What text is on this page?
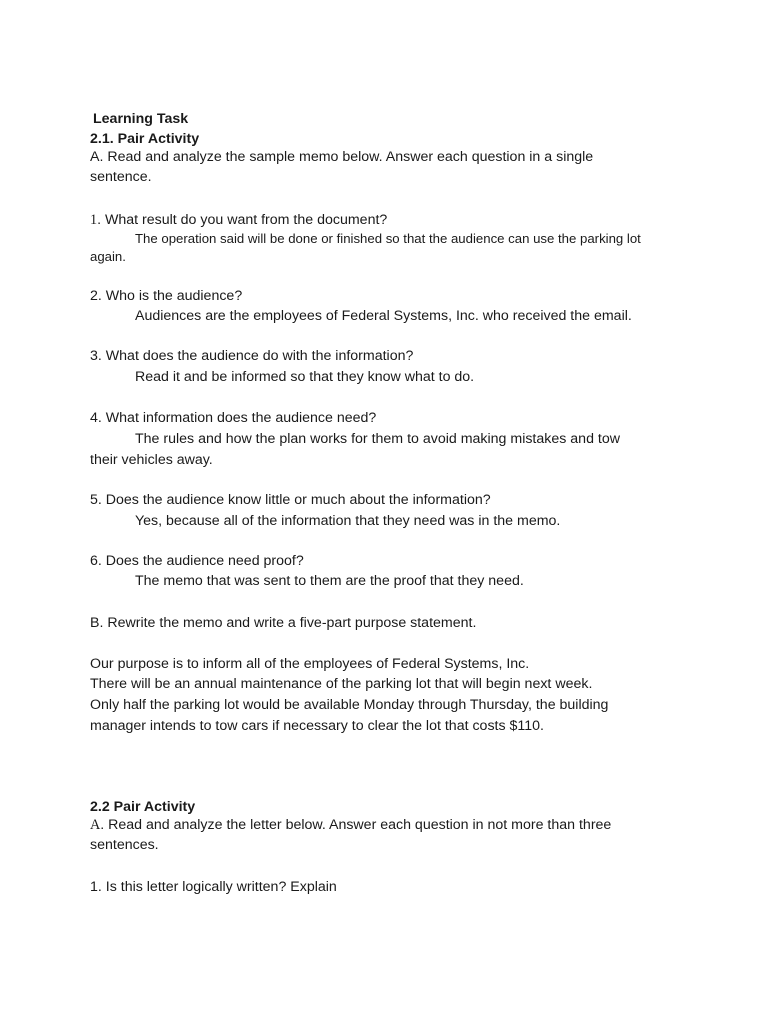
Learning Task
2.1. Pair Activity
A. Read and analyze the sample memo below. Answer each question in a single
sentence.
1. What result do you want from the document?
The operation said will be done or finished so that the audience can use the parking lot
again.
2. Who is the audience?
Audiences are the employees of Federal Systems, Inc. who received the email.
3. What does the audience do with the information?
Read it and be informed so that they know what to do.
4. What information does the audience need?
The rules and how the plan works for them to avoid making mistakes and tow
their vehicles away.
5. Does the audience know little or much about the information?
Yes, because all of the information that they need was in the memo.
6. Does the audience need proof?
The memo that was sent to them are the proof that they need.
B. Rewrite the memo and write a five-part purpose statement.
Our purpose is to inform all of the employees of Federal Systems, Inc.
There will be an annual maintenance of the parking lot that will begin next week.
Only half the parking lot would be available Monday through Thursday, the building
manager intends to tow cars if necessary to clear the lot that costs $110.
2.2 Pair Activity
A. Read and analyze the letter below. Answer each question in not more than three
sentences.
1. Is this letter logically written? Explain
